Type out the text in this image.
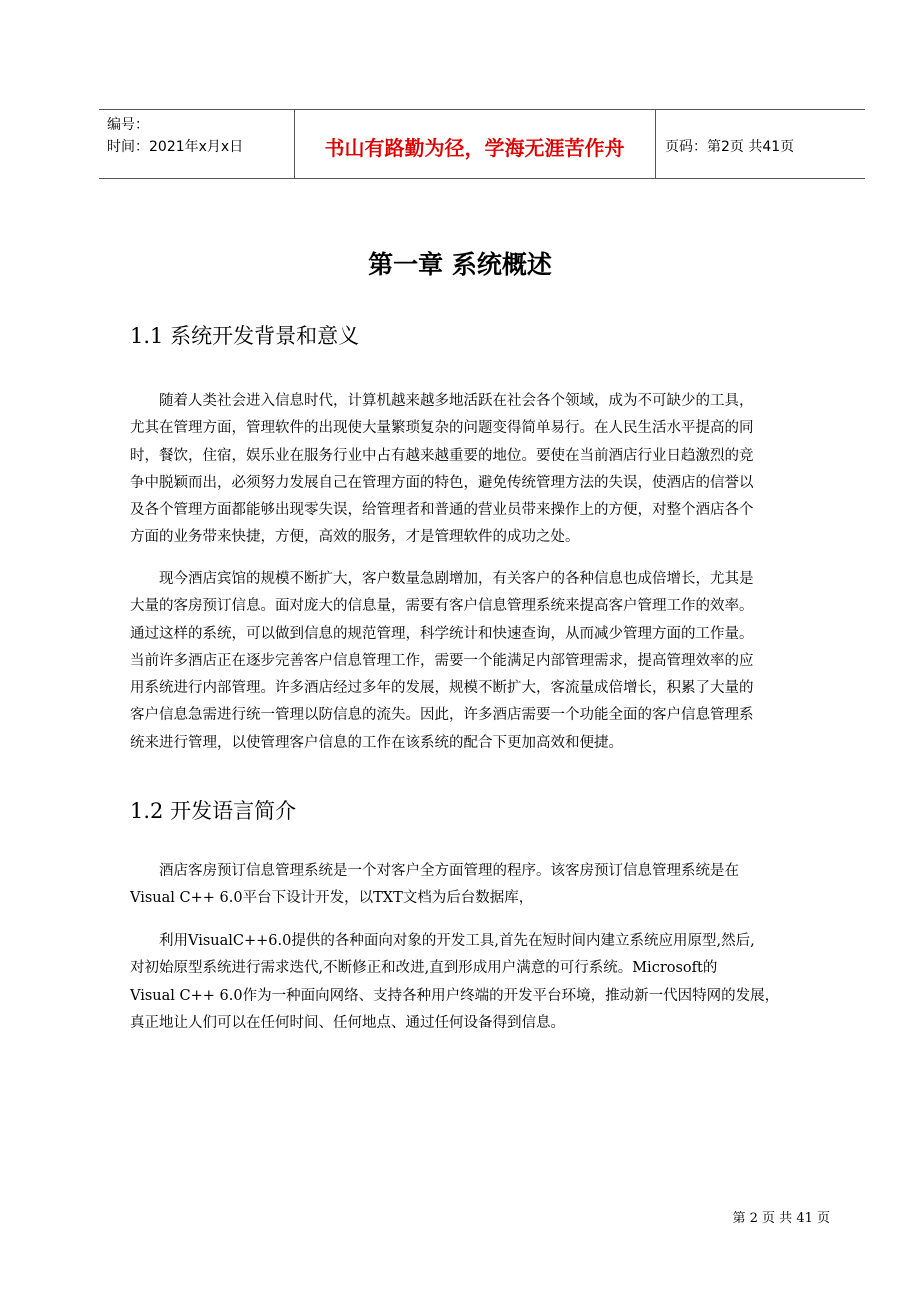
编号：
时间：2021年x月x日	书山有路勤为径，学海无涯苦作舟	页码：第2页 共41页
第一章 系统概述
1.1 系统开发背景和意义

随着人类社会进入信息时代，计算机越来越多地活跃在社会各个领域，成为不可缺少的工具，
尤其在管理方面，管理软件的出现使大量繁琐复杂的问题变得简单易行。在人民生活水平提高的同
时，餐饮，住宿，娱乐业在服务行业中占有越来越重要的地位。要使在当前酒店行业日趋激烈的竞
争中脱颖而出，必须努力发展自己在管理方面的特色，避免传统管理方法的失误，使酒店的信誉以
及各个管理方面都能够出现零失误，给管理者和普通的营业员带来操作上的方便，对整个酒店各个
方面的业务带来快捷，方便，高效的服务，才是管理软件的成功之处。

现今酒店宾馆的规模不断扩大，客户数量急剧增加，有关客户的各种信息也成倍增长，尤其是
大量的客房预订信息。面对庞大的信息量，需要有客户信息管理系统来提高客户管理工作的效率。
通过这样的系统，可以做到信息的规范管理，科学统计和快速查询，从而减少管理方面的工作量。
当前许多酒店正在逐步完善客户信息管理工作，需要一个能满足内部管理需求，提高管理效率的应
用系统进行内部管理。许多酒店经过多年的发展，规模不断扩大，客流量成倍增长，积累了大量的
客户信息急需进行统一管理以防信息的流失。因此，许多酒店需要一个功能全面的客户信息管理系
统来进行管理，以使管理客户信息的工作在该系统的配合下更加高效和便捷。

1.2 开发语言简介

酒店客房预订信息管理系统是一个对客户全方面管理的程序。该客房预订信息管理系统是在
Visual C++ 6.0平台下设计开发，以TXT文档为后台数据库，

利用VisualC++6.0提供的各种面向对象的开发工具,首先在短时间内建立系统应用原型,然后,
对初始原型系统进行需求迭代,不断修正和改进,直到形成用户满意的可行系统。Microsoft的
Visual C++ 6.0作为一种面向网络、支持各种用户终端的开发平台环境，推动新一代因特网的发展，
真正地让人们可以在任何时间、任何地点、通过任何设备得到信息。

第 2 页 共 41 页
